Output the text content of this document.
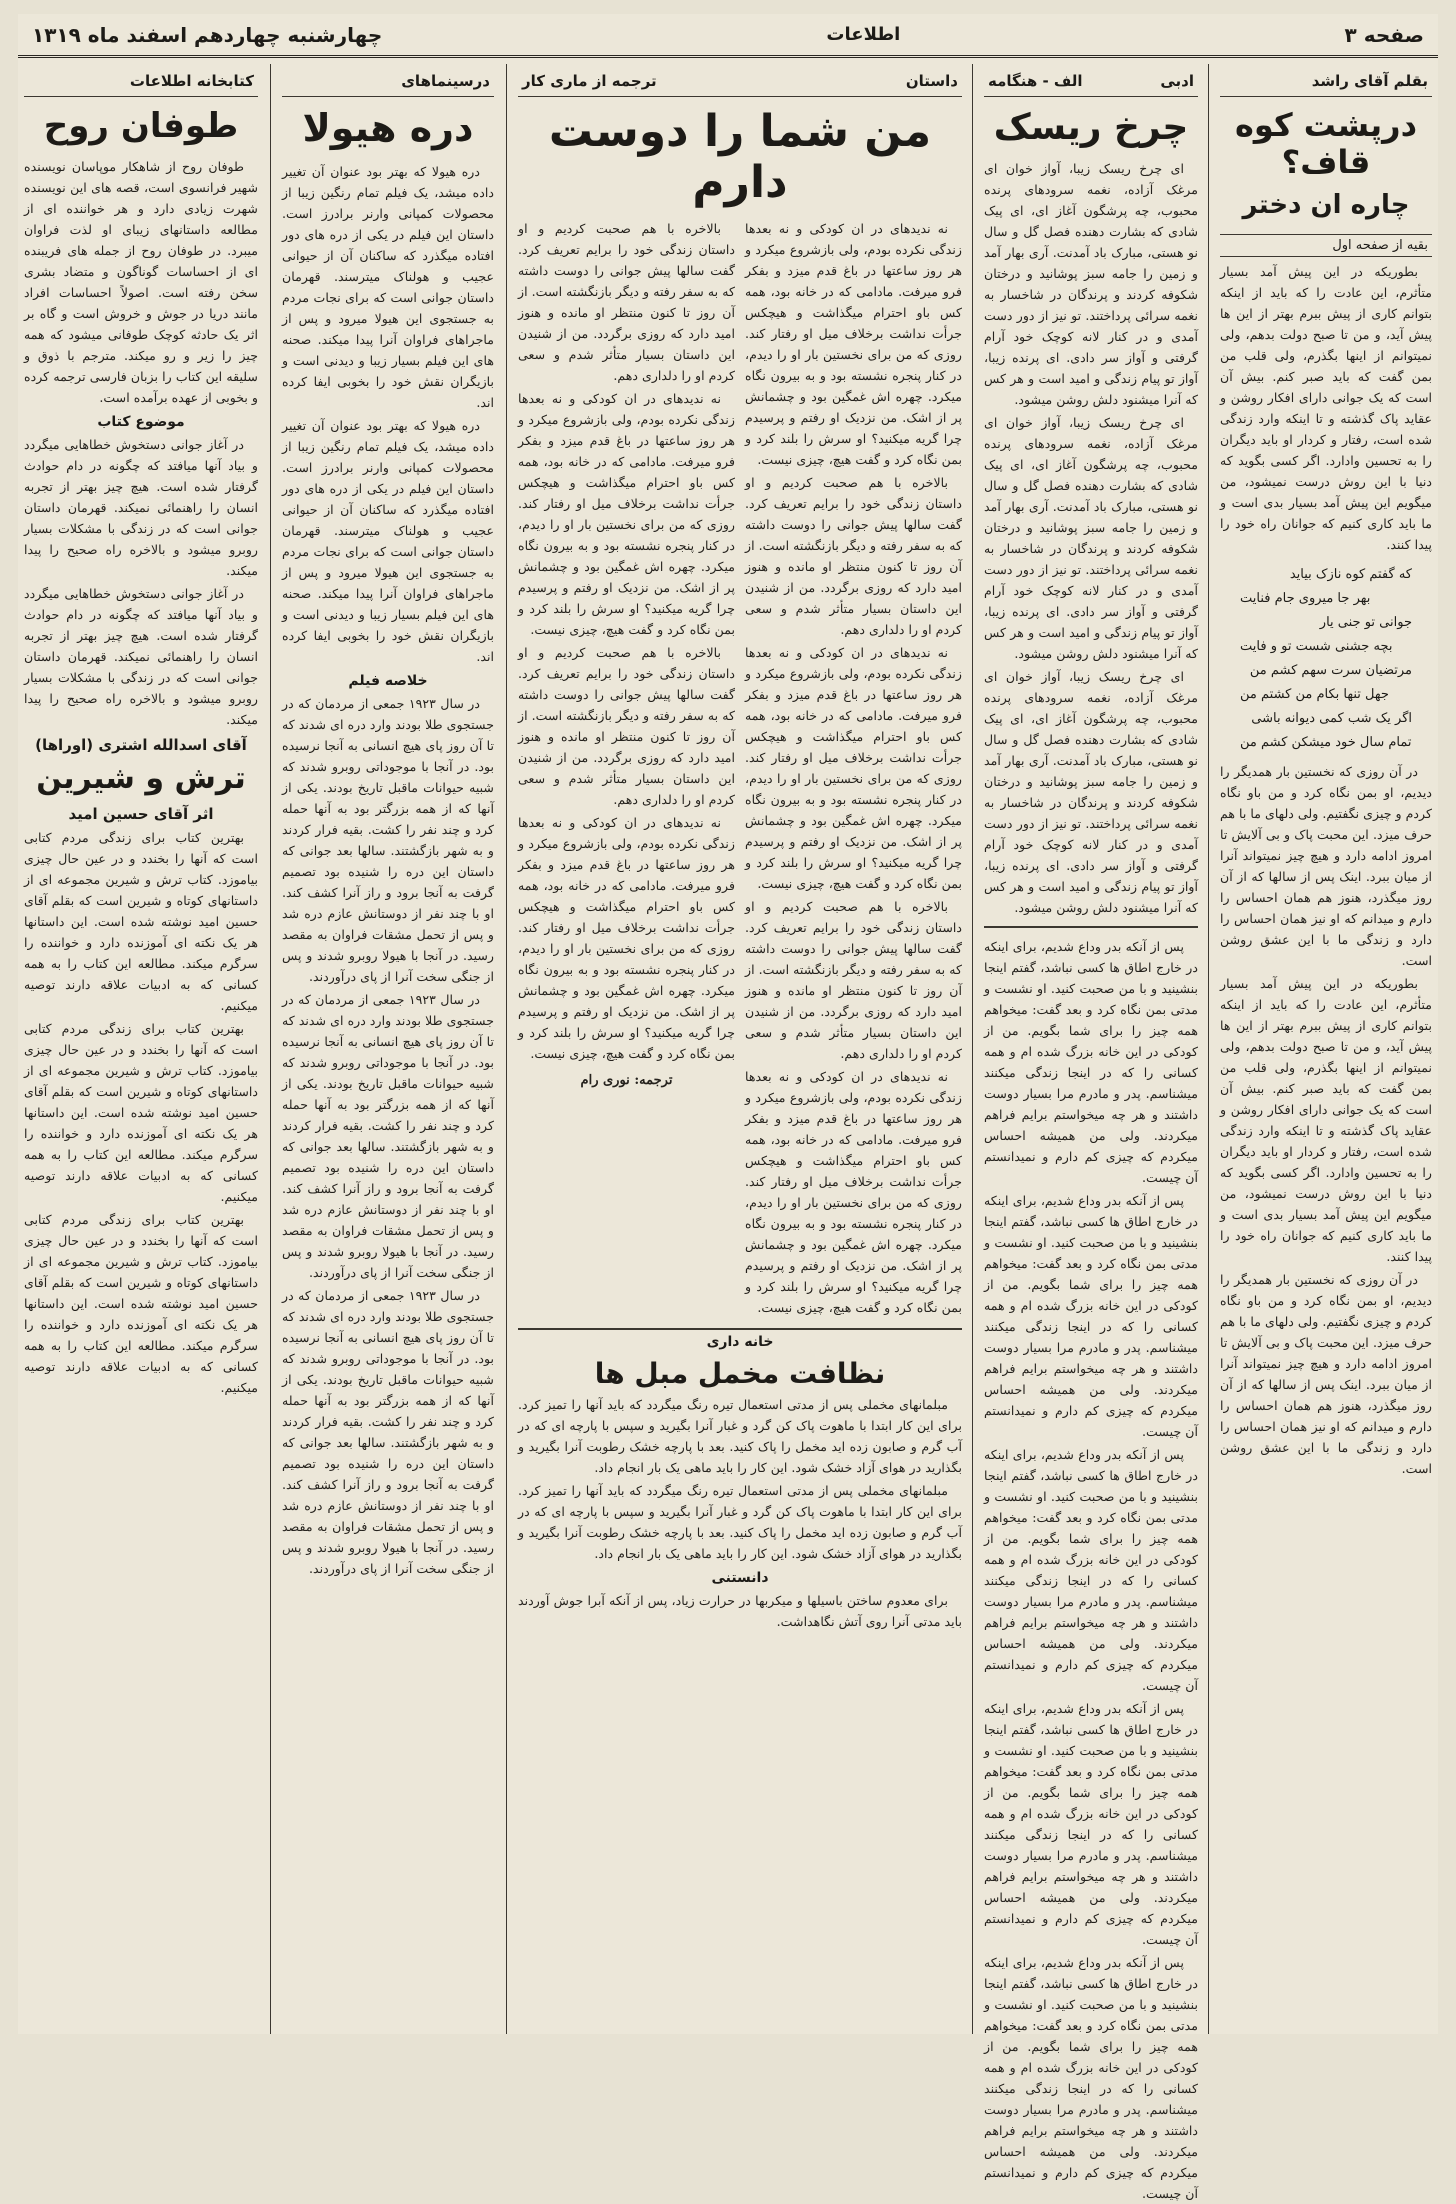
صفحه ۳
اطلاعات
چهارشنبه چهاردهم اسفند ماه ۱۳۱۹
بقلم آقای راشد
درپشت کوه قاف؟
چاره ان دختر
بقیه از صفحه اول

بطوریکه در این پیش آمد بسیار متأثرم، این عادت را که باید از اینکه بتوانم کاری از پیش ببرم بهتر از این ها پیش آید، و من تا صبح دولت بدهم، ولی نمیتوانم از اینها بگذرم، ولی قلب من بمن گفت که باید صبر کنم. بیش آن است که یک جوانی دارای افکار روشن و عقاید پاک گذشته و تا اینکه وارد زندگی شده است، رفتار و کردار او باید دیگران را به تحسین وادارد. اگر کسی بگوید که دنیا با این روش درست نمیشود، من میگویم این پیش آمد بسیار بدی است و ما باید کاری کنیم که جوانان راه خود را پیدا کنند.

که گفتم کوه نازک بیاید
بهر جا میروی جام فنایت
جوانی تو جنی یار
بچه جشنی شست تو و فایت
مرتضیان سرت سهم کشم من
جهل تنها بکام من کشتم من
اگر یک شب کمی دیوانه باشی
تمام سال خود میشکن کشم من

در آن روزی که نخستین بار همدیگر را دیدیم، او بمن نگاه کرد و من باو نگاه کردم و چیزی نگفتیم. ولی دلهای ما با هم حرف میزد. این محبت پاک و بی آلایش تا امروز ادامه دارد و هیچ چیز نمیتواند آنرا از میان ببرد. اینک پس از سالها که از آن روز میگذرد، هنوز هم همان احساس را دارم و میدانم که او نیز همان احساس را دارد و زندگی ما با این عشق روشن است.

بطوریکه در این پیش آمد بسیار متأثرم، این عادت را که باید از اینکه بتوانم کاری از پیش ببرم بهتر از این ها پیش آید، و من تا صبح دولت بدهم، ولی نمیتوانم از اینها بگذرم، ولی قلب من بمن گفت که باید صبر کنم. بیش آن است که یک جوانی دارای افکار روشن و عقاید پاک گذشته و تا اینکه وارد زندگی شده است، رفتار و کردار او باید دیگران را به تحسین وادارد. اگر کسی بگوید که دنیا با این روش درست نمیشود، من میگویم این پیش آمد بسیار بدی است و ما باید کاری کنیم که جوانان راه خود را پیدا کنند.

در آن روزی که نخستین بار همدیگر را دیدیم، او بمن نگاه کرد و من باو نگاه کردم و چیزی نگفتیم. ولی دلهای ما با هم حرف میزد. این محبت پاک و بی آلایش تا امروز ادامه دارد و هیچ چیز نمیتواند آنرا از میان ببرد. اینک پس از سالها که از آن روز میگذرد، هنوز هم همان احساس را دارم و میدانم که او نیز همان احساس را دارد و زندگی ما با این عشق روشن است.

ادبی
الف - هنگامه
چرخ ریسک

ای چرخ ریسک زیبا، آواز خوان ای مرغک آزاده، نغمه سرودهای پرنده محبوب، چه پرشگون آغاز ای، ای پیک شادی که بشارت دهنده فصل گل و سال نو هستی، مبارک باد آمدنت. آری بهار آمد و زمین را جامه سبز پوشانید و درختان شکوفه کردند و پرندگان در شاخسار به نغمه سرائی پرداختند. تو نیز از دور دست آمدی و در کنار لانه کوچک خود آرام گرفتی و آواز سر دادی. ای پرنده زیبا، آواز تو پیام زندگی و امید است و هر کس که آنرا میشنود دلش روشن میشود.

ای چرخ ریسک زیبا، آواز خوان ای مرغک آزاده، نغمه سرودهای پرنده محبوب، چه پرشگون آغاز ای، ای پیک شادی که بشارت دهنده فصل گل و سال نو هستی، مبارک باد آمدنت. آری بهار آمد و زمین را جامه سبز پوشانید و درختان شکوفه کردند و پرندگان در شاخسار به نغمه سرائی پرداختند. تو نیز از دور دست آمدی و در کنار لانه کوچک خود آرام گرفتی و آواز سر دادی. ای پرنده زیبا، آواز تو پیام زندگی و امید است و هر کس که آنرا میشنود دلش روشن میشود.

ای چرخ ریسک زیبا، آواز خوان ای مرغک آزاده، نغمه سرودهای پرنده محبوب، چه پرشگون آغاز ای، ای پیک شادی که بشارت دهنده فصل گل و سال نو هستی، مبارک باد آمدنت. آری بهار آمد و زمین را جامه سبز پوشانید و درختان شکوفه کردند و پرندگان در شاخسار به نغمه سرائی پرداختند. تو نیز از دور دست آمدی و در کنار لانه کوچک خود آرام گرفتی و آواز سر دادی. ای پرنده زیبا، آواز تو پیام زندگی و امید است و هر کس که آنرا میشنود دلش روشن میشود.

پس از آنکه بدر وداع شدیم، برای اینکه در خارج اطاق ها کسی نباشد، گفتم اینجا بنشینید و با من صحبت کنید. او نشست و مدتی بمن نگاه کرد و بعد گفت: میخواهم همه چیز را برای شما بگویم. من از کودکی در این خانه بزرگ شده ام و همه کسانی را که در اینجا زندگی میکنند میشناسم. پدر و مادرم مرا بسیار دوست داشتند و هر چه میخواستم برایم فراهم میکردند. ولی من همیشه احساس میکردم که چیزی کم دارم و نمیدانستم آن چیست.

پس از آنکه بدر وداع شدیم، برای اینکه در خارج اطاق ها کسی نباشد، گفتم اینجا بنشینید و با من صحبت کنید. او نشست و مدتی بمن نگاه کرد و بعد گفت: میخواهم همه چیز را برای شما بگویم. من از کودکی در این خانه بزرگ شده ام و همه کسانی را که در اینجا زندگی میکنند میشناسم. پدر و مادرم مرا بسیار دوست داشتند و هر چه میخواستم برایم فراهم میکردند. ولی من همیشه احساس میکردم که چیزی کم دارم و نمیدانستم آن چیست.

پس از آنکه بدر وداع شدیم، برای اینکه در خارج اطاق ها کسی نباشد، گفتم اینجا بنشینید و با من صحبت کنید. او نشست و مدتی بمن نگاه کرد و بعد گفت: میخواهم همه چیز را برای شما بگویم. من از کودکی در این خانه بزرگ شده ام و همه کسانی را که در اینجا زندگی میکنند میشناسم. پدر و مادرم مرا بسیار دوست داشتند و هر چه میخواستم برایم فراهم میکردند. ولی من همیشه احساس میکردم که چیزی کم دارم و نمیدانستم آن چیست.

پس از آنکه بدر وداع شدیم، برای اینکه در خارج اطاق ها کسی نباشد، گفتم اینجا بنشینید و با من صحبت کنید. او نشست و مدتی بمن نگاه کرد و بعد گفت: میخواهم همه چیز را برای شما بگویم. من از کودکی در این خانه بزرگ شده ام و همه کسانی را که در اینجا زندگی میکنند میشناسم. پدر و مادرم مرا بسیار دوست داشتند و هر چه میخواستم برایم فراهم میکردند. ولی من همیشه احساس میکردم که چیزی کم دارم و نمیدانستم آن چیست.

پس از آنکه بدر وداع شدیم، برای اینکه در خارج اطاق ها کسی نباشد، گفتم اینجا بنشینید و با من صحبت کنید. او نشست و مدتی بمن نگاه کرد و بعد گفت: میخواهم همه چیز را برای شما بگویم. من از کودکی در این خانه بزرگ شده ام و همه کسانی را که در اینجا زندگی میکنند میشناسم. پدر و مادرم مرا بسیار دوست داشتند و هر چه میخواستم برایم فراهم میکردند. ولی من همیشه احساس میکردم که چیزی کم دارم و نمیدانستم آن چیست.

داستان
ترجمه از ماری کار
من شما را دوست دارم

نه ندیدهای در ان کودکی و نه بعدها زندگی نکرده بودم، ولی بازشروع میکرد و هر روز ساعتها در باغ قدم میزد و بفکر فرو میرفت. مادامی که در خانه بود، همه کس باو احترام میگذاشت و هیچکس جرأت نداشت برخلاف میل او رفتار کند. روزی که من برای نخستین بار او را دیدم، در کنار پنجره نشسته بود و به بیرون نگاه میکرد. چهره اش غمگین بود و چشمانش پر از اشک. من نزدیک او رفتم و پرسیدم چرا گریه میکنید؟ او سرش را بلند کرد و بمن نگاه کرد و گفت هیچ، چیزی نیست.

بالاخره با هم صحبت کردیم و او داستان زندگی خود را برایم تعریف کرد. گفت سالها پیش جوانی را دوست داشته که به سفر رفته و دیگر بازنگشته است. از آن روز تا کنون منتظر او مانده و هنوز امید دارد که روزی برگردد. من از شنیدن این داستان بسیار متأثر شدم و سعی کردم او را دلداری دهم.

نه ندیدهای در ان کودکی و نه بعدها زندگی نکرده بودم، ولی بازشروع میکرد و هر روز ساعتها در باغ قدم میزد و بفکر فرو میرفت. مادامی که در خانه بود، همه کس باو احترام میگذاشت و هیچکس جرأت نداشت برخلاف میل او رفتار کند. روزی که من برای نخستین بار او را دیدم، در کنار پنجره نشسته بود و به بیرون نگاه میکرد. چهره اش غمگین بود و چشمانش پر از اشک. من نزدیک او رفتم و پرسیدم چرا گریه میکنید؟ او سرش را بلند کرد و بمن نگاه کرد و گفت هیچ، چیزی نیست.

بالاخره با هم صحبت کردیم و او داستان زندگی خود را برایم تعریف کرد. گفت سالها پیش جوانی را دوست داشته که به سفر رفته و دیگر بازنگشته است. از آن روز تا کنون منتظر او مانده و هنوز امید دارد که روزی برگردد. من از شنیدن این داستان بسیار متأثر شدم و سعی کردم او را دلداری دهم.

نه ندیدهای در ان کودکی و نه بعدها زندگی نکرده بودم، ولی بازشروع میکرد و هر روز ساعتها در باغ قدم میزد و بفکر فرو میرفت. مادامی که در خانه بود، همه کس باو احترام میگذاشت و هیچکس جرأت نداشت برخلاف میل او رفتار کند. روزی که من برای نخستین بار او را دیدم، در کنار پنجره نشسته بود و به بیرون نگاه میکرد. چهره اش غمگین بود و چشمانش پر از اشک. من نزدیک او رفتم و پرسیدم چرا گریه میکنید؟ او سرش را بلند کرد و بمن نگاه کرد و گفت هیچ، چیزی نیست.

بالاخره با هم صحبت کردیم و او داستان زندگی خود را برایم تعریف کرد. گفت سالها پیش جوانی را دوست داشته که به سفر رفته و دیگر بازنگشته است. از آن روز تا کنون منتظر او مانده و هنوز امید دارد که روزی برگردد. من از شنیدن این داستان بسیار متأثر شدم و سعی کردم او را دلداری دهم.

نه ندیدهای در ان کودکی و نه بعدها زندگی نکرده بودم، ولی بازشروع میکرد و هر روز ساعتها در باغ قدم میزد و بفکر فرو میرفت. مادامی که در خانه بود، همه کس باو احترام میگذاشت و هیچکس جرأت نداشت برخلاف میل او رفتار کند. روزی که من برای نخستین بار او را دیدم، در کنار پنجره نشسته بود و به بیرون نگاه میکرد. چهره اش غمگین بود و چشمانش پر از اشک. من نزدیک او رفتم و پرسیدم چرا گریه میکنید؟ او سرش را بلند کرد و بمن نگاه کرد و گفت هیچ، چیزی نیست.

بالاخره با هم صحبت کردیم و او داستان زندگی خود را برایم تعریف کرد. گفت سالها پیش جوانی را دوست داشته که به سفر رفته و دیگر بازنگشته است. از آن روز تا کنون منتظر او مانده و هنوز امید دارد که روزی برگردد. من از شنیدن این داستان بسیار متأثر شدم و سعی کردم او را دلداری دهم.

نه ندیدهای در ان کودکی و نه بعدها زندگی نکرده بودم، ولی بازشروع میکرد و هر روز ساعتها در باغ قدم میزد و بفکر فرو میرفت. مادامی که در خانه بود، همه کس باو احترام میگذاشت و هیچکس جرأت نداشت برخلاف میل او رفتار کند. روزی که من برای نخستین بار او را دیدم، در کنار پنجره نشسته بود و به بیرون نگاه میکرد. چهره اش غمگین بود و چشمانش پر از اشک. من نزدیک او رفتم و پرسیدم چرا گریه میکنید؟ او سرش را بلند کرد و بمن نگاه کرد و گفت هیچ، چیزی نیست.

ترجمه: نوری رام
خانه داری
نظافت مخمل مبل ها

مبلمانهای مخملی پس از مدتی استعمال تیره رنگ میگردد که باید آنها را تمیز کرد. برای این کار ابتدا با ماهوت پاک کن گرد و غبار آنرا بگیرید و سپس با پارچه ای که در آب گرم و صابون زده اید مخمل را پاک کنید. بعد با پارچه خشک رطوبت آنرا بگیرید و بگذارید در هوای آزاد خشک شود. این کار را باید ماهی یک بار انجام داد.

مبلمانهای مخملی پس از مدتی استعمال تیره رنگ میگردد که باید آنها را تمیز کرد. برای این کار ابتدا با ماهوت پاک کن گرد و غبار آنرا بگیرید و سپس با پارچه ای که در آب گرم و صابون زده اید مخمل را پاک کنید. بعد با پارچه خشک رطوبت آنرا بگیرید و بگذارید در هوای آزاد خشک شود. این کار را باید ماهی یک بار انجام داد.

دانستنی

برای معدوم ساختن باسیلها و میکربها در حرارت زیاد، پس از آنکه آبرا جوش آوردند باید مدتی آنرا روی آتش نگاهداشت.

درسینماهای
دره هیولا

دره هیولا که بهتر بود عنوان آن تغییر داده میشد، یک فیلم تمام رنگین زیبا از محصولات کمپانی وارنر برادرز است. داستان این فیلم در یکی از دره های دور افتاده میگذرد که ساکنان آن از حیوانی عجیب و هولناک میترسند. قهرمان داستان جوانی است که برای نجات مردم به جستجوی این هیولا میرود و پس از ماجراهای فراوان آنرا پیدا میکند. صحنه های این فیلم بسیار زیبا و دیدنی است و بازیگران نقش خود را بخوبی ایفا کرده اند.

دره هیولا که بهتر بود عنوان آن تغییر داده میشد، یک فیلم تمام رنگین زیبا از محصولات کمپانی وارنر برادرز است. داستان این فیلم در یکی از دره های دور افتاده میگذرد که ساکنان آن از حیوانی عجیب و هولناک میترسند. قهرمان داستان جوانی است که برای نجات مردم به جستجوی این هیولا میرود و پس از ماجراهای فراوان آنرا پیدا میکند. صحنه های این فیلم بسیار زیبا و دیدنی است و بازیگران نقش خود را بخوبی ایفا کرده اند.

خلاصه فیلم

در سال ۱۹۲۳ جمعی از مردمان که در جستجوی طلا بودند وارد دره ای شدند که تا آن روز پای هیچ انسانی به آنجا نرسیده بود. در آنجا با موجوداتی روبرو شدند که شبیه حیوانات ماقبل تاریخ بودند. یکی از آنها که از همه بزرگتر بود به آنها حمله کرد و چند نفر را کشت. بقیه فرار کردند و به شهر بازگشتند. سالها بعد جوانی که داستان این دره را شنیده بود تصمیم گرفت به آنجا برود و راز آنرا کشف کند. او با چند نفر از دوستانش عازم دره شد و پس از تحمل مشقات فراوان به مقصد رسید. در آنجا با هیولا روبرو شدند و پس از جنگی سخت آنرا از پای درآوردند.

در سال ۱۹۲۳ جمعی از مردمان که در جستجوی طلا بودند وارد دره ای شدند که تا آن روز پای هیچ انسانی به آنجا نرسیده بود. در آنجا با موجوداتی روبرو شدند که شبیه حیوانات ماقبل تاریخ بودند. یکی از آنها که از همه بزرگتر بود به آنها حمله کرد و چند نفر را کشت. بقیه فرار کردند و به شهر بازگشتند. سالها بعد جوانی که داستان این دره را شنیده بود تصمیم گرفت به آنجا برود و راز آنرا کشف کند. او با چند نفر از دوستانش عازم دره شد و پس از تحمل مشقات فراوان به مقصد رسید. در آنجا با هیولا روبرو شدند و پس از جنگی سخت آنرا از پای درآوردند.

در سال ۱۹۲۳ جمعی از مردمان که در جستجوی طلا بودند وارد دره ای شدند که تا آن روز پای هیچ انسانی به آنجا نرسیده بود. در آنجا با موجوداتی روبرو شدند که شبیه حیوانات ماقبل تاریخ بودند. یکی از آنها که از همه بزرگتر بود به آنها حمله کرد و چند نفر را کشت. بقیه فرار کردند و به شهر بازگشتند. سالها بعد جوانی که داستان این دره را شنیده بود تصمیم گرفت به آنجا برود و راز آنرا کشف کند. او با چند نفر از دوستانش عازم دره شد و پس از تحمل مشقات فراوان به مقصد رسید. در آنجا با هیولا روبرو شدند و پس از جنگی سخت آنرا از پای درآوردند.

کتابخانه اطلاعات
طوفان روح

طوفان روح از شاهکار موپاسان نویسنده شهیر فرانسوی است، قصه های این نویسنده شهرت زیادی دارد و هر خواننده ای از مطالعه داستانهای زیبای او لذت فراوان میبرد. در طوفان روح از جمله های فریبنده ای از احساسات گوناگون و متضاد بشری سخن رفته است. اصولاً احساسات افراد مانند دریا در جوش و خروش است و گاه بر اثر یک حادثه کوچک طوفانی میشود که همه چیز را زیر و رو میکند. مترجم با ذوق و سلیقه این کتاب را بزبان فارسی ترجمه کرده و بخوبی از عهده برآمده است.

موضوع کتاب

در آغاز جوانی دستخوش خطاهایی میگردد و بیاد آنها میافتد که چگونه در دام حوادث گرفتار شده است. هیچ چیز بهتر از تجربه انسان را راهنمائی نمیکند. قهرمان داستان جوانی است که در زندگی با مشکلات بسیار روبرو میشود و بالاخره راه صحیح را پیدا میکند.

در آغاز جوانی دستخوش خطاهایی میگردد و بیاد آنها میافتد که چگونه در دام حوادث گرفتار شده است. هیچ چیز بهتر از تجربه انسان را راهنمائی نمیکند. قهرمان داستان جوانی است که در زندگی با مشکلات بسیار روبرو میشود و بالاخره راه صحیح را پیدا میکند.

آقای اسدالله اشتری (اوراها)
ترش و شیرین
اثر آقای حسین امید

بهترین کتاب برای زندگی مردم کتابی است که آنها را بخندد و در عین حال چیزی بیاموزد. کتاب ترش و شیرین مجموعه ای از داستانهای کوتاه و شیرین است که بقلم آقای حسین امید نوشته شده است. این داستانها هر یک نکته ای آموزنده دارد و خواننده را سرگرم میکند. مطالعه این کتاب را به همه کسانی که به ادبیات علاقه دارند توصیه میکنیم.

بهترین کتاب برای زندگی مردم کتابی است که آنها را بخندد و در عین حال چیزی بیاموزد. کتاب ترش و شیرین مجموعه ای از داستانهای کوتاه و شیرین است که بقلم آقای حسین امید نوشته شده است. این داستانها هر یک نکته ای آموزنده دارد و خواننده را سرگرم میکند. مطالعه این کتاب را به همه کسانی که به ادبیات علاقه دارند توصیه میکنیم.

بهترین کتاب برای زندگی مردم کتابی است که آنها را بخندد و در عین حال چیزی بیاموزد. کتاب ترش و شیرین مجموعه ای از داستانهای کوتاه و شیرین است که بقلم آقای حسین امید نوشته شده است. این داستانها هر یک نکته ای آموزنده دارد و خواننده را سرگرم میکند. مطالعه این کتاب را به همه کسانی که به ادبیات علاقه دارند توصیه میکنیم.
